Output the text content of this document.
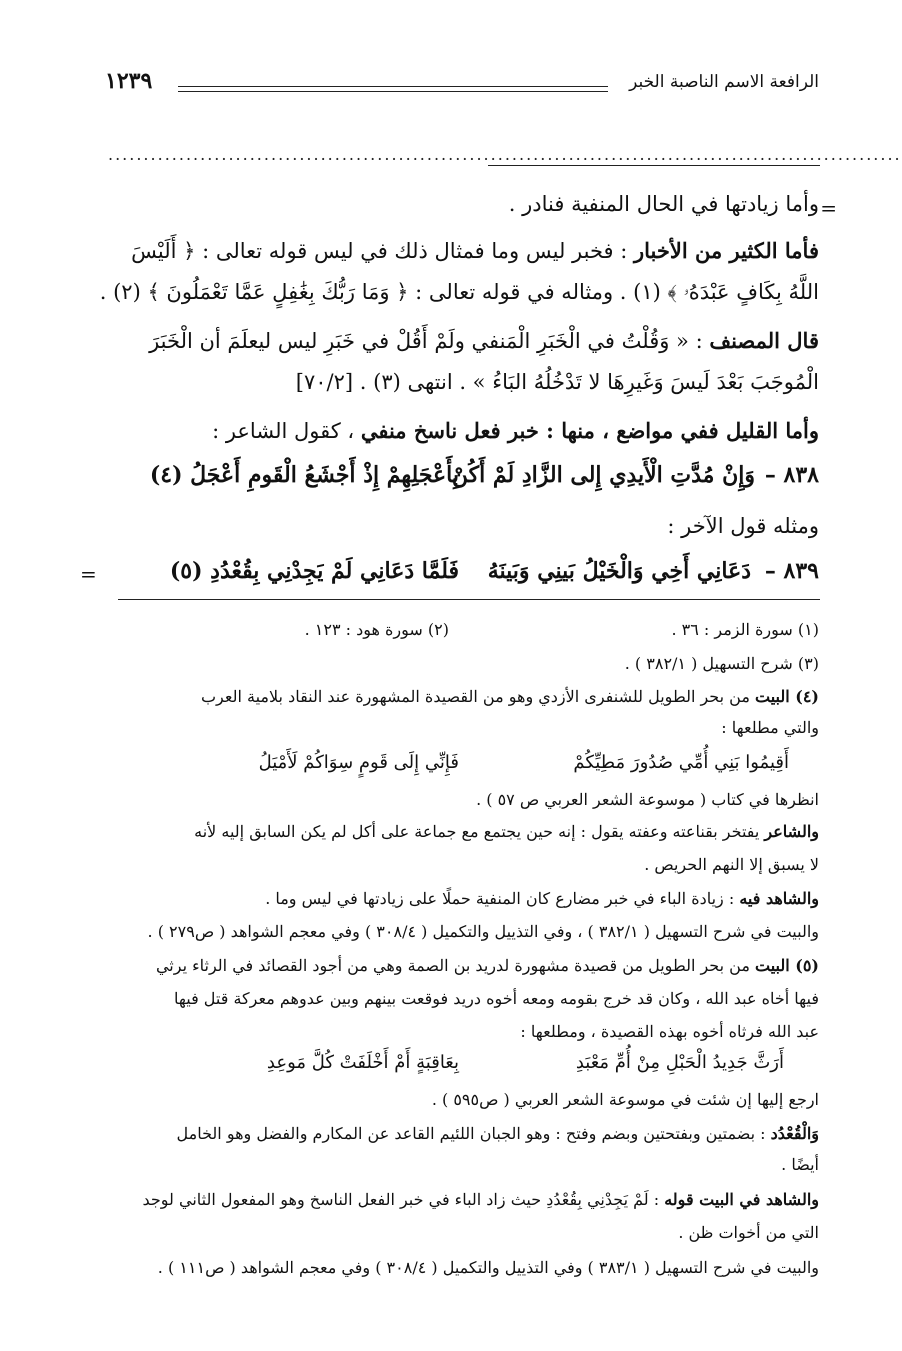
الرافعة الاسم الناصبة الخبر
١٢٣٩
................................................................................................................
=
وأما زيادتها في الحال المنفية فنادر .
فأما الكثير من الأخبار : فخبر ليس وما فمثال ذلك في ليس قوله تعالى : ﴿ أَلَيْسَ
اللَّهُ بِكَافٍ عَبْدَهُۥ ﴾ (١) . ومثاله في قوله تعالى : ﴿ وَمَا رَبُّكَ بِغَٰفِلٍ عَمَّا تَعْمَلُونَ ﴾ (٢) .
قال المصنف : « وَقُلْتُ في الْخَبَرِ الْمَنفي ولَمْ أَقُلْ في خَبَرِ ليس ليعلَمَ أن الْخَبَرَ
الْمُوجَبَ بَعْدَ لَيسَ وَغَيرِهَا لا تَدْخُلُهُ البَاءُ » . انتهى (٣) . [٧٠/٢]
وأما القليل ففي مواضع ، منها : خبر فعل ناسخ منفي ، كقول الشاعر :
٨٣٨ –
وَإِنْ مُدَّتِ الْأَيدِي إِلى الزَّادِ لَمْ أَكُنْ
بِأَعْجَلِهِمْ إِذْ أَجْشَعُ الْقَومِ أَعْجَلُ (٤)
ومثله قول الآخر :
٨٣٩ –
دَعَانِي أَخِي وَالْخَيْلُ بَينِي وَبَينَهُ
فَلَمَّا دَعَانِي لَمْ يَجِدْنِي بِقُعْدُدِ (٥)
=
(١) سورة الزمر : ٣٦ .
(٢) سورة هود : ١٢٣ .
(٣) شرح التسهيل ( ٣٨٢/١ ) .
(٤) البيت من بحر الطويل للشنفرى الأزدي وهو من القصيدة المشهورة عند النقاد بلامية العرب
والتي مطلعها :
أَقِيمُوا بَنِي أُمِّي صُدُورَ مَطِيِّكُمْ
فَإِنِّي إِلَى قَومٍ سِوَاكُمْ لَأَمْيَلُ
انظرها في كتاب ( موسوعة الشعر العربي ص ٥٧ ) .
والشاعر يفتخر بقناعته وعفته يقول : إنه حين يجتمع مع جماعة على أكل لم يكن السابق إليه لأنه
لا يسبق إلا النهم الحريص .
والشاهد فيه : زيادة الباء في خبر مضارع كان المنفية حملًا على زيادتها في ليس وما .
والبيت في شرح التسهيل ( ٣٨٢/١ ) ، وفي التذييل والتكميل ( ٣٠٨/٤ ) وفي معجم الشواهد ( ص٢٧٩ ) .
(٥) البيت من بحر الطويل من قصيدة مشهورة لدريد بن الصمة وهي من أجود القصائد في الرثاء يرثي
فيها أخاه عبد الله ، وكان قد خرج بقومه ومعه أخوه دريد فوقعت بينهم وبين عدوهم معركة قتل فيها
عبد الله فرثاه أخوه بهذه القصيدة ، ومطلعها :
أَرَثَّ جَدِيدُ الْحَبْلِ مِنْ أُمِّ مَعْبَدِ
بِعَاقِبَةٍ أَمْ أَخْلَفَتْ كُلَّ مَوعِدِ
ارجع إليها إن شئت في موسوعة الشعر العربي ( ص٥٩٥ ) .
وَالْقُعْدُد : بضمتين وبفتحتين وبضم وفتح : وهو الجبان اللئيم القاعد عن المكارم والفضل وهو الخامل
أيضًا .
والشاهد في البيت قوله : لَمْ يَجِدْنِي بِقُعْدُدِ حيث زاد الباء في خبر الفعل الناسخ وهو المفعول الثاني لوجد
التي من أخوات ظن .
والبيت في شرح التسهيل ( ٣٨٣/١ ) وفي التذييل والتكميل ( ٣٠٨/٤ ) وفي معجم الشواهد ( ص١١١ ) .
